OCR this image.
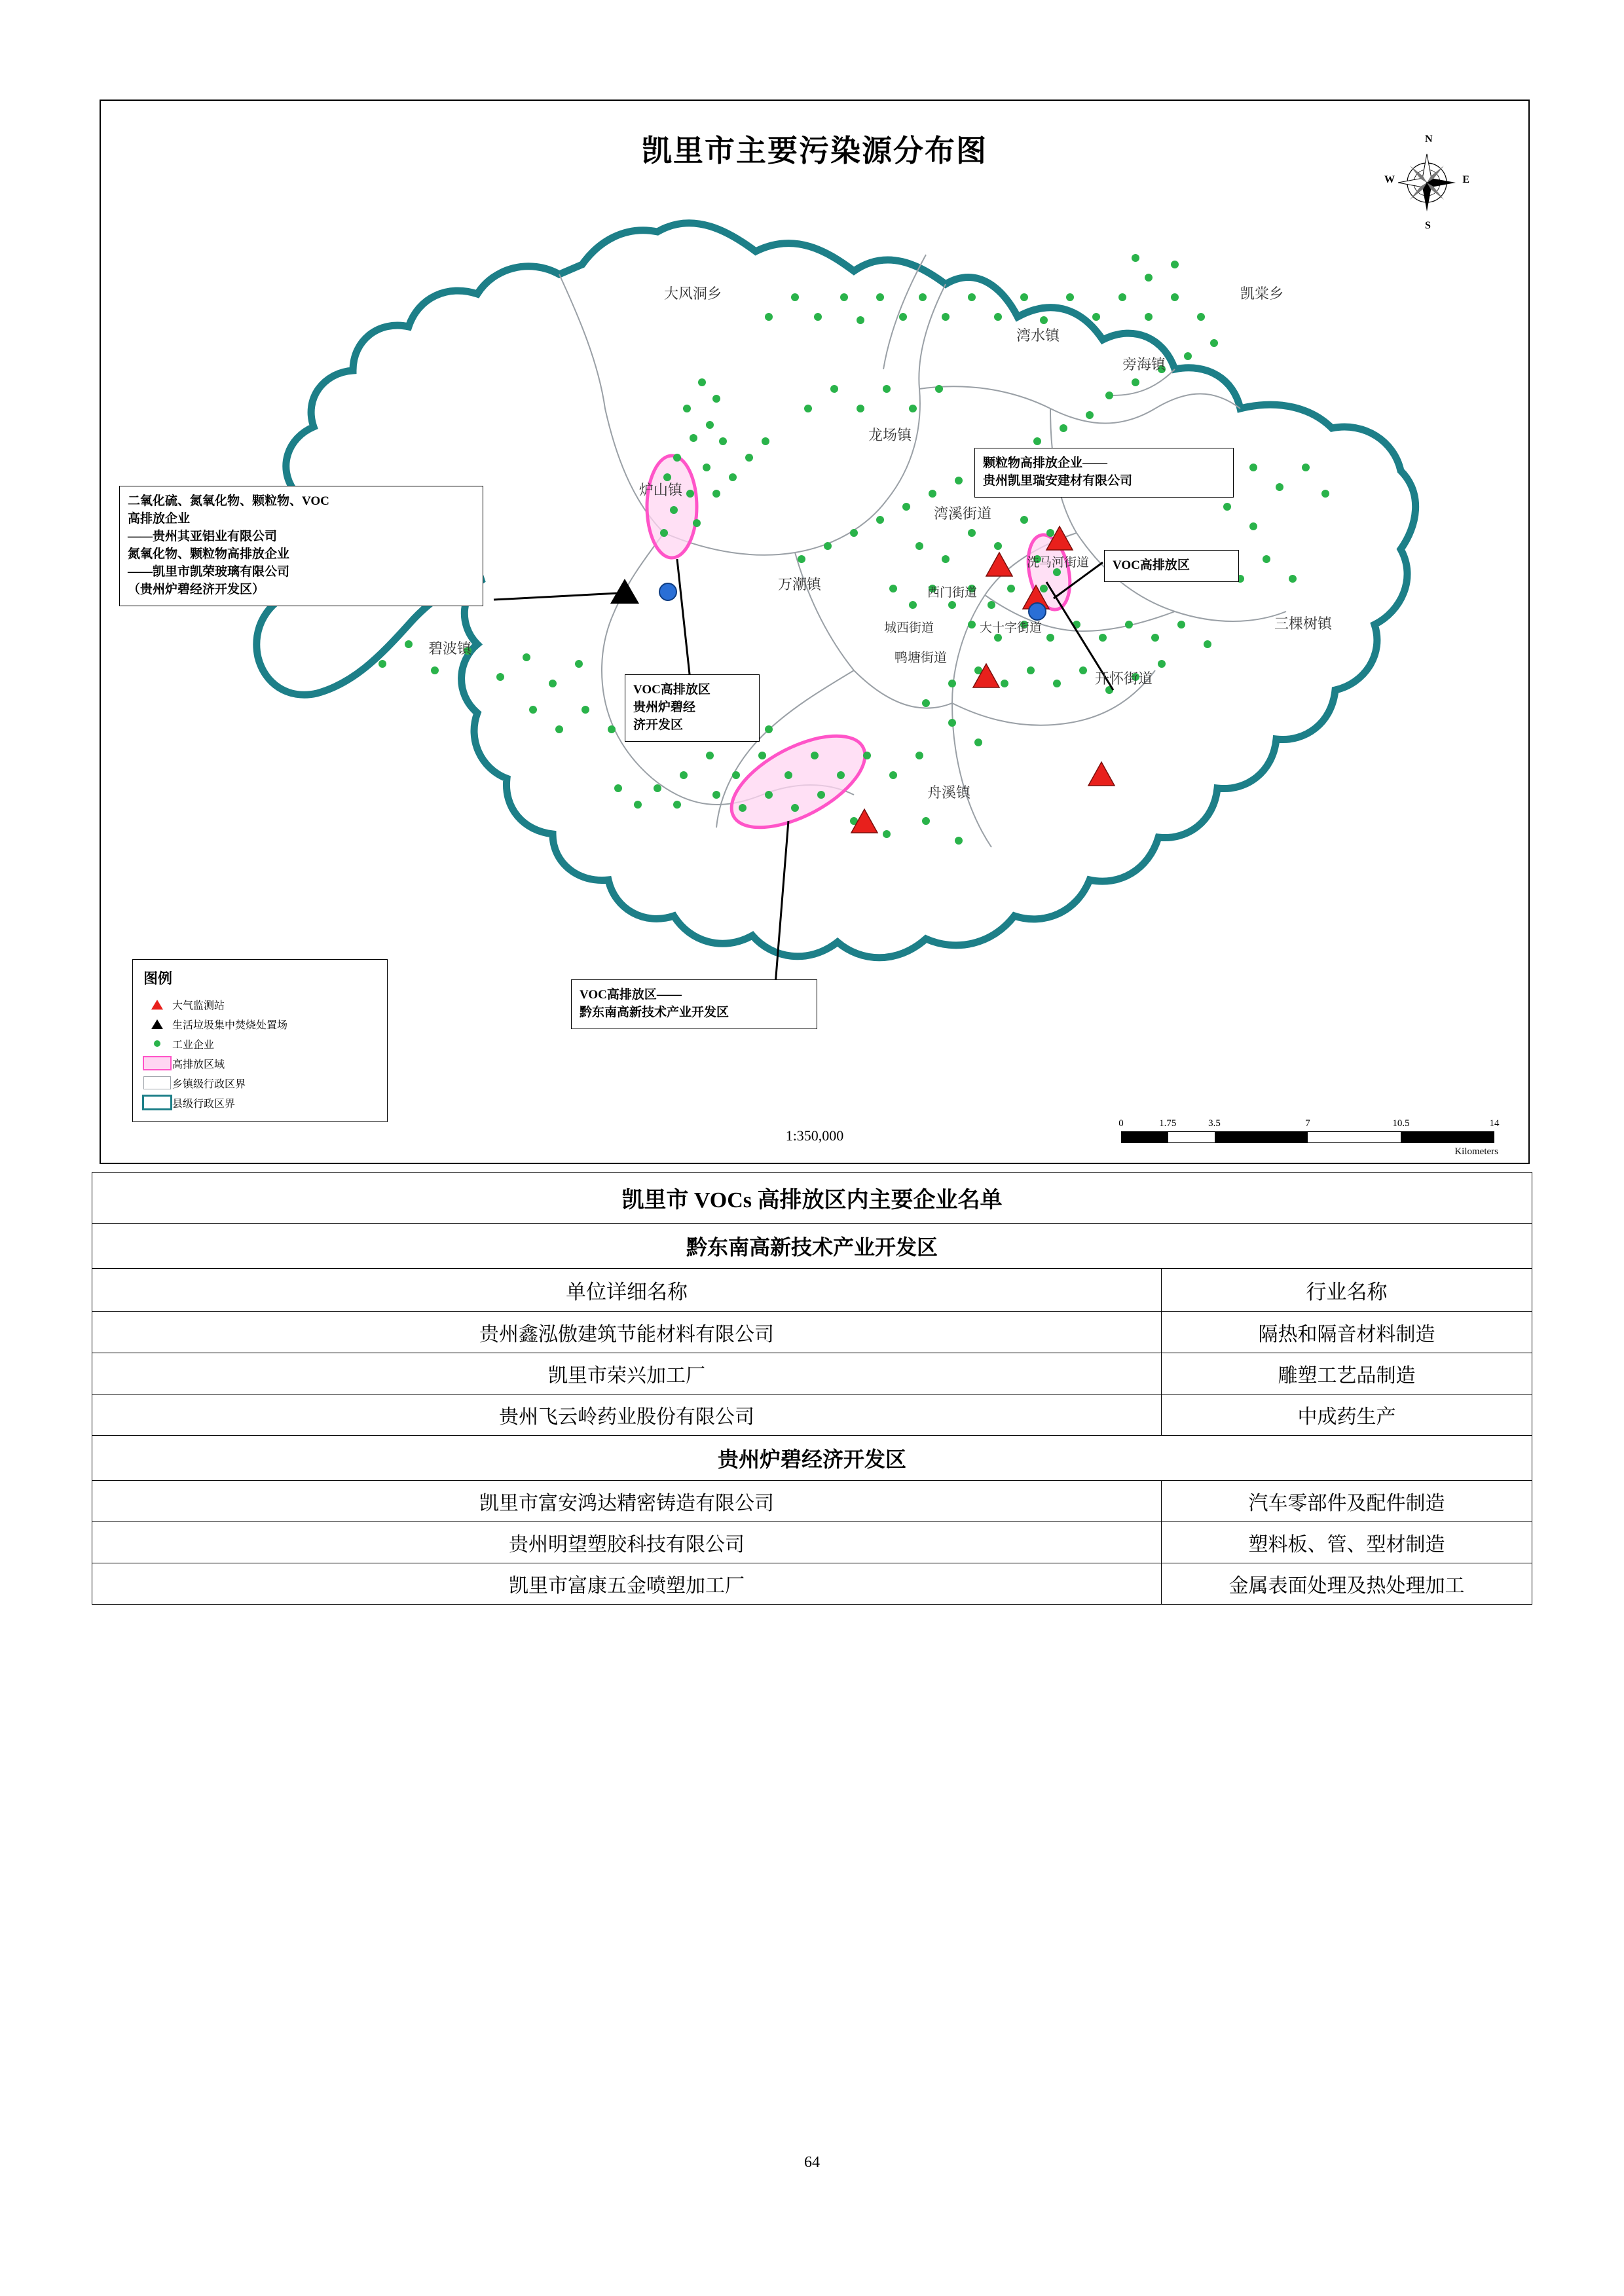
凯里市主要污染源分布图	N
S
W	E
大风洞乡	凯棠乡
湾水镇
旁海镇
炉山镇
龙场镇
湾溪街道
万潮镇
西门街道
城西街道	大十字街道
鸭塘街道
洗马河街道
三棵树镇
开怀街道
碧波镇
舟溪镇
二氧化硫、氮氧化物、颗粒物、VOC
高排放企业
——贵州其亚铝业有限公司
氮氧化物、颗粒物高排放企业
——凯里市凯荣玻璃有限公司
（贵州炉碧经济开发区）
VOC高排放区
贵州炉碧经
济开发区
颗粒物高排放企业——
贵州凯里瑞安建材有限公司
VOC高排放区
VOC高排放区——
黔东南高新技术产业开发区
图例
大气监测站
生活垃圾集中焚烧处置场
工业企业
高排放区域
乡镇级行政区界
县级行政区界
1:350,000
0	1.75	3.5	7	10.5	14
Kilometers
凯里市 VOCs 高排放区内主要企业名单	
黔东南高新技术产业开发区	
单位详细名称	行业名称
贵州鑫泓傲建筑节能材料有限公司	隔热和隔音材料制造
凯里市荣兴加工厂	雕塑工艺品制造
贵州飞云岭药业股份有限公司	中成药生产
贵州炉碧经济开发区	
凯里市富安鸿达精密铸造有限公司	汽车零部件及配件制造
贵州明望塑胶科技有限公司	塑料板、管、型材制造
凯里市富康五金喷塑加工厂	金属表面处理及热处理加工
64
